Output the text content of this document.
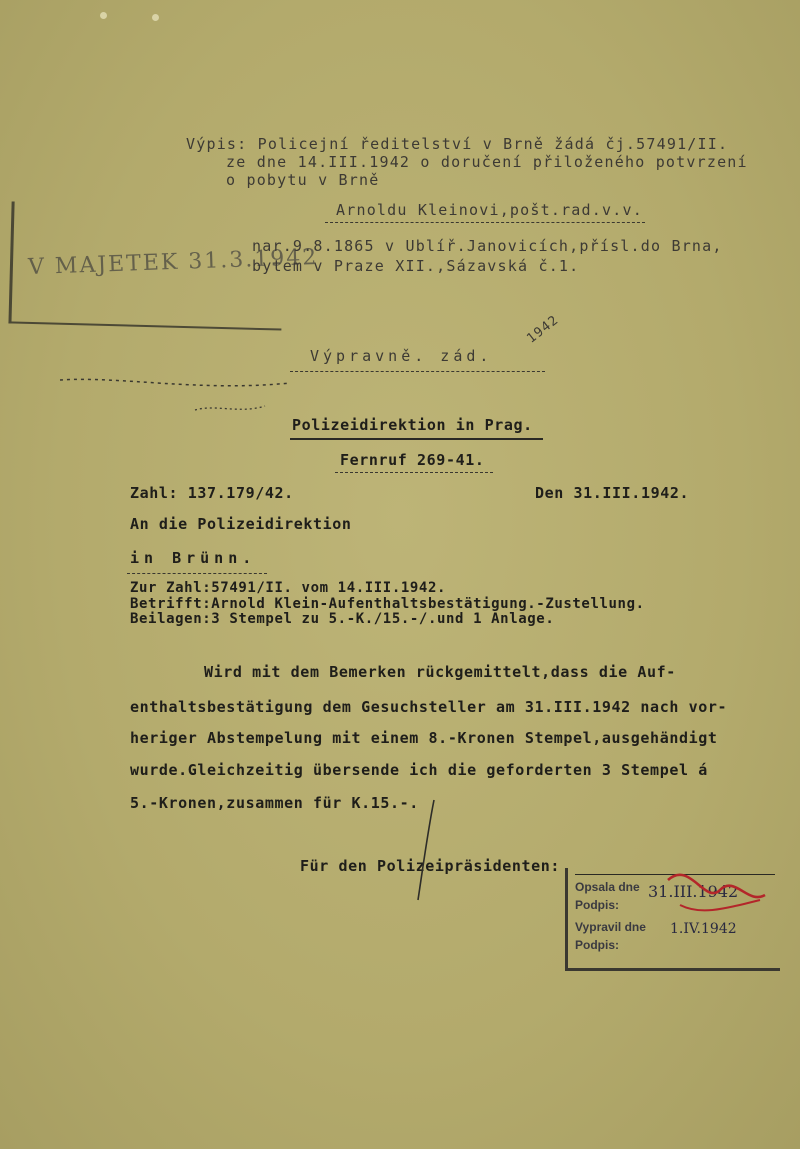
V MAJETEK 31.3.1942
Výpis: Policejní ředitelství v Brně žádá čj.57491/II.
ze dne 14.III.1942 o doručení přiloženého potvrzení
o pobytu v Brně
Arnoldu Kleinovi,pošt.rad.v.v.
nar.9.8.1865 v Ublíř.Janovicích,přísl.do Brna,
bytem v Praze XII.,Sázavská č.1.
1942
Výpravně. zád.
Polizeidirektion in Prag.
Fernruf 269-41.
Zahl: 137.179/42.	Den 31.III.1942.
An die Polizeidirektion
in Brünn.
Zur Zahl:57491/II. vom 14.III.1942.
Betrifft:Arnold Klein-Aufenthaltsbestätigung.-Zustellung.
Beilagen:3 Stempel zu 5.-K./15.-/.und 1 Anlage.
Wird mit dem Bemerken rückgemittelt,dass die Auf-
enthaltsbestätigung dem Gesuchsteller am 31.III.1942 nach vor-
heriger Abstempelung mit einem 8.-Kronen Stempel,ausgehändigt
wurde.Gleichzeitig übersende ich die geforderten 3 Stempel á
5.-Kronen,zusammen für K.15.-.
Für den Polizeipräsidenten:
Opsala dne
Podpis:
Vypravil dne
Podpis:
31.III.1942
1.IV.1942
